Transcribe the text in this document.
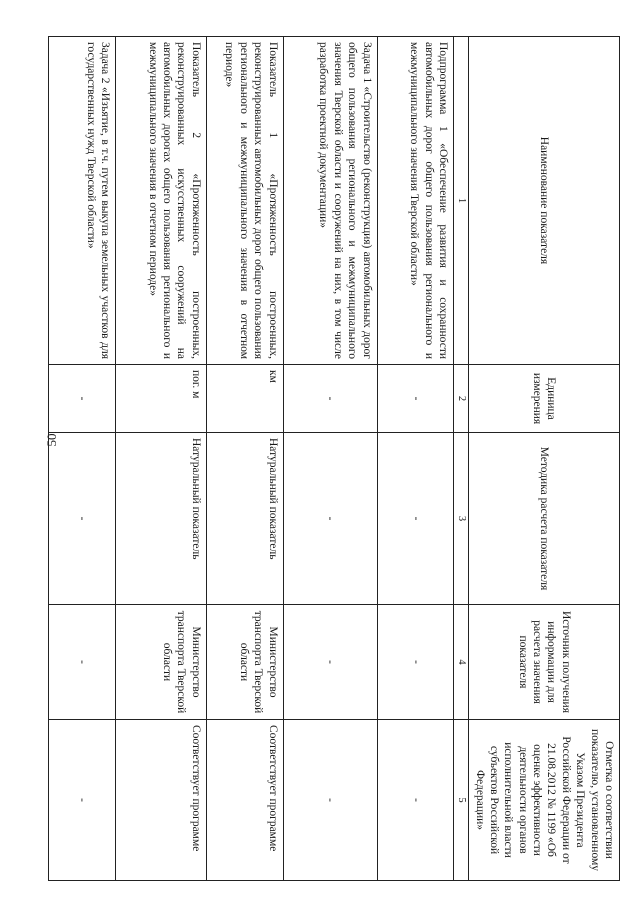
50
Наименование показателя	Единица измерения	Методика расчета показателя	Источник получения информации для расчета значения показателя	Отметка о соответствии показателю, установленному Указом Президента Российской Федерации от 21.08.2012 № 1199 «Об оценке эффективности деятельности органов исполнительной власти субъектов Российской Федерации»
1	2	3	4	5
Подпрограмма 1 «Обеспечение развития и сохранности автомобильных дорог общего пользования регионального и межмуниципального значения Тверской области»	-	-	-	-
Задача 1 «Строительство (реконструкция) автомобильных дорог общего пользования регионального и межмуниципального значения Тверской области и сооружений на них, в том числе разработка проектной документации»	-	-	-	-
Показатель 1 «Протяженность построенных, реконструированных автомобильных дорог общего пользования регионального и межмуниципального значения в отчетном периоде»	км	Натуральный показатель	Министерство транспорта Тверской области	Соответствует программе
Показатель 2 «Протяженность построенных, реконструированных искусственных сооружений на автомобильных дорогах общего пользования регионального и межмуниципального значения в отчетном периоде»	пог. м	Натуральный показатель	Министерство транспорта Тверской области	Соответствует программе
Задача 2 «Изъятие, в т.ч. путем выкупа земельных участков для государственных нужд Тверской области»	-	-	-	-
